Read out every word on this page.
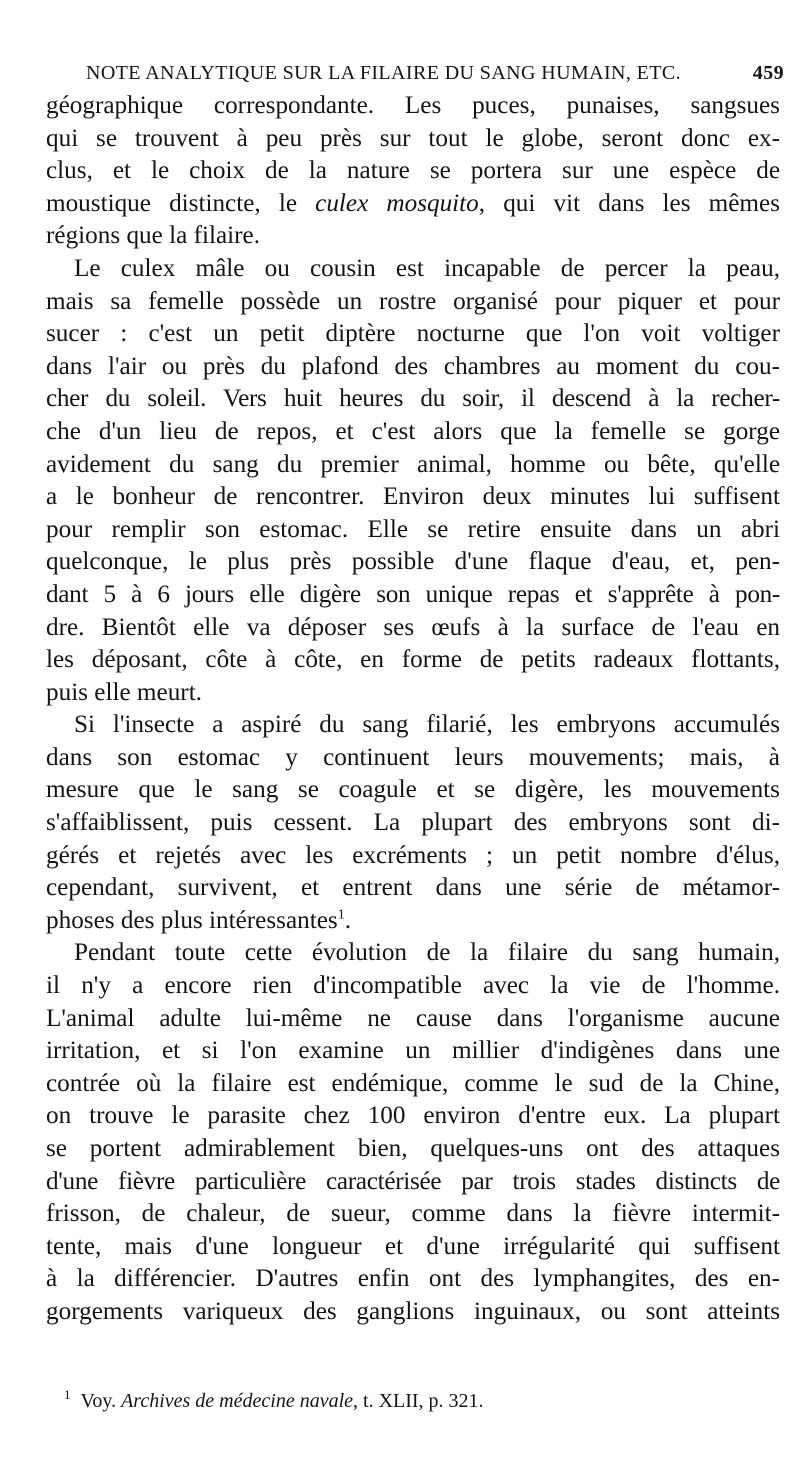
NOTE ANALYTIQUE SUR LA FILAIRE DU SANG HUMAIN, ETC.	459
géographique correspondante. Les puces, punaises, sangsues
qui se trouvent à peu près sur tout le globe, seront donc ex-
clus, et le choix de la nature se portera sur une espèce de
moustique distincte, le culex mosquito, qui vit dans les mêmes
régions que la filaire.
Le culex mâle ou cousin est incapable de percer la peau,
mais sa femelle possède un rostre organisé pour piquer et pour
sucer : c'est un petit diptère nocturne que l'on voit voltiger
dans l'air ou près du plafond des chambres au moment du cou-
cher du soleil. Vers huit heures du soir, il descend à la recher-
che d'un lieu de repos, et c'est alors que la femelle se gorge
avidement du sang du premier animal, homme ou bête, qu'elle
a le bonheur de rencontrer. Environ deux minutes lui suffisent
pour remplir son estomac. Elle se retire ensuite dans un abri
quelconque, le plus près possible d'une flaque d'eau, et, pen-
dant 5 à 6 jours elle digère son unique repas et s'apprête à pon-
dre. Bientôt elle va déposer ses œufs à la surface de l'eau en
les déposant, côte à côte, en forme de petits radeaux flottants,
puis elle meurt.
Si l'insecte a aspiré du sang filarié, les embryons accumulés
dans son estomac y continuent leurs mouvements; mais, à
mesure que le sang se coagule et se digère, les mouvements
s'affaiblissent, puis cessent. La plupart des embryons sont di-
gérés et rejetés avec les excréments ; un petit nombre d'élus,
cependant, survivent, et entrent dans une série de métamor-
phoses des plus intéressantes$^1$.
Pendant toute cette évolution de la filaire du sang humain,
il n'y a encore rien d'incompatible avec la vie de l'homme.
L'animal adulte lui-même ne cause dans l'organisme aucune
irritation, et si l'on examine un millier d'indigènes dans une
contrée où la filaire est endémique, comme le sud de la Chine,
on trouve le parasite chez 100 environ d'entre eux. La plupart
se portent admirablement bien, quelques-uns ont des attaques
d'une fièvre particulière caractérisée par trois stades distincts de
frisson, de chaleur, de sueur, comme dans la fièvre intermit-
tente, mais d'une longueur et d'une irrégularité qui suffisent
à la différencier. D'autres enfin ont des lymphangites, des en-
gorgements variqueux des ganglions inguinaux, ou sont atteints
$^1$ Voy. Archives de médecine navale, t. XLII, p. 321.
